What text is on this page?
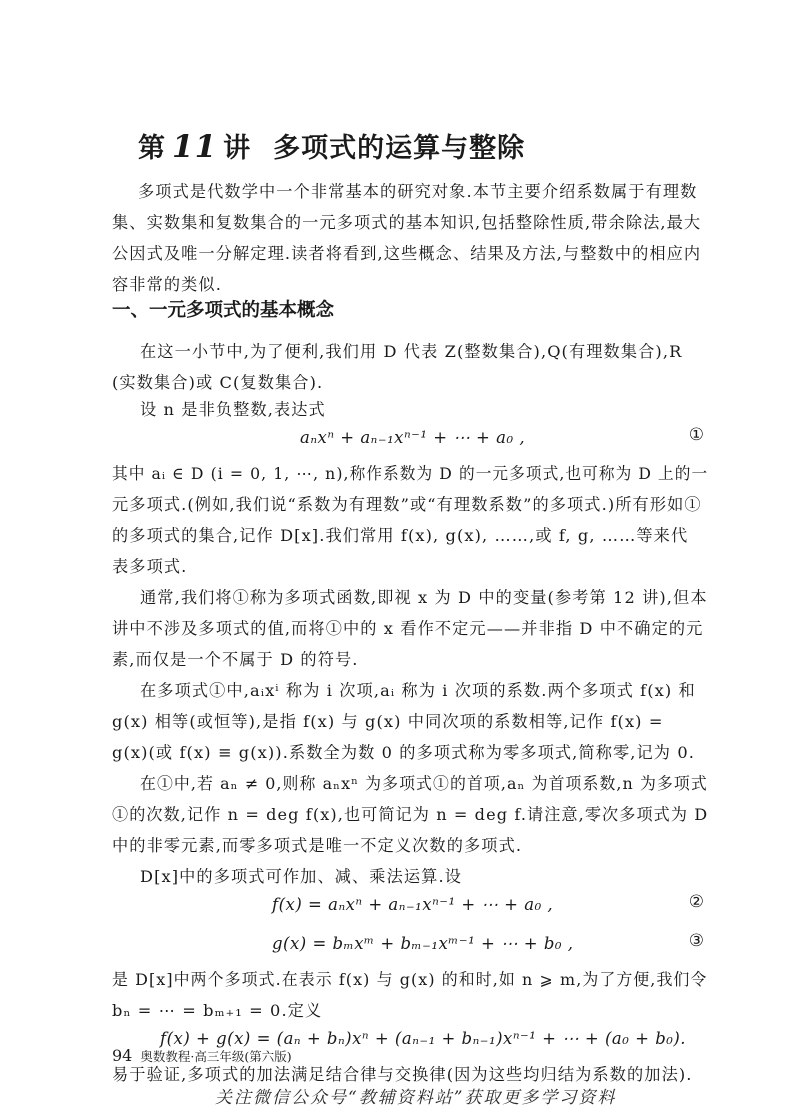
第 11 讲 多项式的运算与整除
多项式是代数学中一个非常基本的研究对象.本节主要介绍系数属于有理数
集、实数集和复数集合的一元多项式的基本知识,包括整除性质,带余除法,最大
公因式及唯一分解定理.读者将看到,这些概念、结果及方法,与整数中的相应内
容非常的类似.
一、一元多项式的基本概念
在这一小节中,为了便利,我们用 D 代表 Z(整数集合),Q(有理数集合),R
(实数集合)或 C(复数集合).
设 n 是非负整数,表达式
aₙxⁿ + aₙ₋₁xⁿ⁻¹ + ⋯ + a₀ ,	①
其中 aᵢ ∈ D (i = 0, 1, ⋯, n),称作系数为 D 的一元多项式,也可称为 D 上的一
元多项式.(例如,我们说“系数为有理数”或“有理数系数”的多项式.)所有形如①
的多项式的集合,记作 D[x].我们常用 f(x), g(x), ……,或 f, g, ……等来代
表多项式.
通常,我们将①称为多项式函数,即视 x 为 D 中的变量(参考第 12 讲),但本
讲中不涉及多项式的值,而将①中的 x 看作不定元——并非指 D 中不确定的元
素,而仅是一个不属于 D 的符号.
在多项式①中,aᵢxⁱ 称为 i 次项,aᵢ 称为 i 次项的系数.两个多项式 f(x) 和
g(x) 相等(或恒等),是指 f(x) 与 g(x) 中同次项的系数相等,记作 f(x) =
g(x)(或 f(x) ≡ g(x)).系数全为数 0 的多项式称为零多项式,简称零,记为 0.
在①中,若 aₙ ≠ 0,则称 aₙxⁿ 为多项式①的首项,aₙ 为首项系数,n 为多项式
①的次数,记作 n = deg f(x),也可简记为 n = deg f.请注意,零次多项式为 D
中的非零元素,而零多项式是唯一不定义次数的多项式.
D[x]中的多项式可作加、减、乘法运算.设
f(x) = aₙxⁿ + aₙ₋₁xⁿ⁻¹ + ⋯ + a₀ ,	②
g(x) = bₘxᵐ + bₘ₋₁xᵐ⁻¹ + ⋯ + b₀ ,	③
是 D[x]中两个多项式.在表示 f(x) 与 g(x) 的和时,如 n ⩾ m,为了方便,我们令
bₙ = ⋯ = bₘ₊₁ = 0.定义
f(x) + g(x) = (aₙ + bₙ)xⁿ + (aₙ₋₁ + bₙ₋₁)xⁿ⁻¹ + ⋯ + (a₀ + b₀).
易于验证,多项式的加法满足结合律与交换律(因为这些均归结为系数的加法).
94 奥数教程·高三年级(第六版)
关注微信公众号“教辅资料站”获取更多学习资料
